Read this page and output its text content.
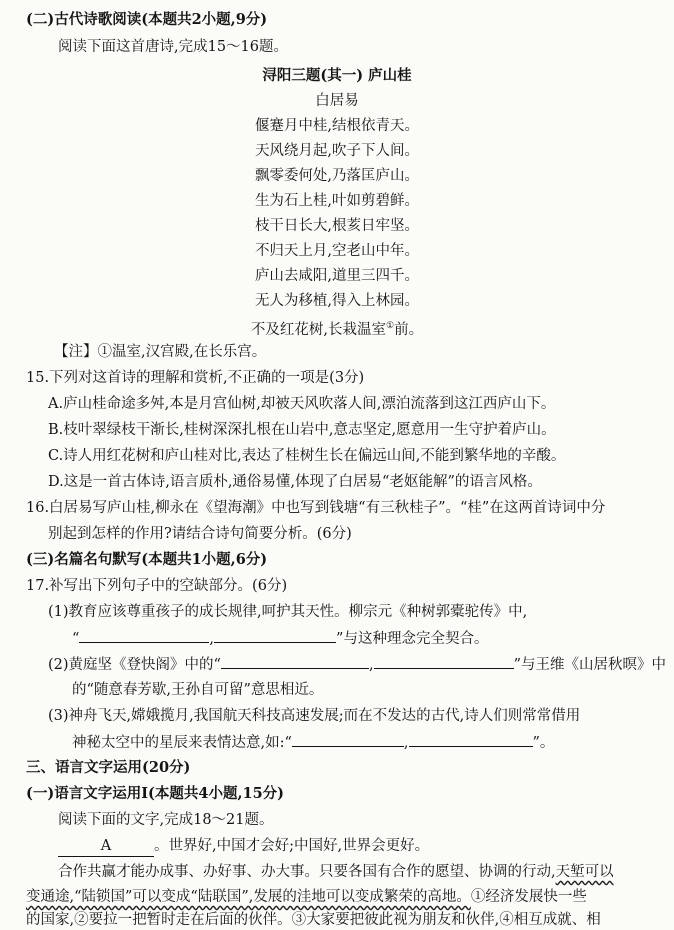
(二)古代诗歌阅读(本题共2小题,9分)
阅读下面这首唐诗,完成15～16题。
浔阳三题(其一) 庐山桂
白居易
偃蹇月中桂,结根依青天。
天风绕月起,吹子下人间。
飘零委何处,乃落匡庐山。
生为石上桂,叶如剪碧鲜。
枝干日长大,根荄日牢坚。
不归天上月,空老山中年。
庐山去咸阳,道里三四千。
无人为移植,得入上林园。
不及红花树,长栽温室①前。
【注】①温室,汉宫殿,在长乐宫。
15.下列对这首诗的理解和赏析,不正确的一项是(3分)
A.庐山桂命途多舛,本是月宫仙树,却被天风吹落人间,漂泊流落到这江西庐山下。
B.枝叶翠绿枝干渐长,桂树深深扎根在山岩中,意志坚定,愿意用一生守护着庐山。
C.诗人用红花树和庐山桂对比,表达了桂树生长在偏远山间,不能到繁华地的辛酸。
D.这是一首古体诗,语言质朴,通俗易懂,体现了白居易“老妪能解”的语言风格。
16.白居易写庐山桂,柳永在《望海潮》中也写到钱塘“有三秋桂子”。“桂”在这两首诗词中分
别起到怎样的作用?请结合诗句简要分析。(6分)
(三)名篇名句默写(本题共1小题,6分)
17.补写出下列句子中的空缺部分。(6分)
(1)教育应该尊重孩子的成长规律,呵护其天性。柳宗元《种树郭橐驼传》中,
“	,	”与这种理念完全契合。
(2)黄庭坚《登快阁》中的“	,	”与王维《山居秋暝》中
的“随意春芳歇,王孙自可留”意思相近。
(3)神舟飞天,嫦娥揽月,我国航天科技高速发展;而在不发达的古代,诗人们则常常借用
神秘太空中的星辰来表情达意,如:“	,	”。
三、语言文字运用(20分)
(一)语言文字运用Ⅰ(本题共4小题,15分)
阅读下面的文字,完成18～21题。
A	。世界好,中国才会好;中国好,世界会更好。
合作共赢才能办成事、办好事、办大事。只要各国有合作的愿望、协调的行动,天堑可以
变通途,“陆锁国”可以变成“陆联国”,发展的洼地可以变成繁荣的高地。①经济发展快一些
的国家,②要拉一把暂时走在后面的伙伴。③大家要把彼此视为朋友和伙伴,④相互成就、相
